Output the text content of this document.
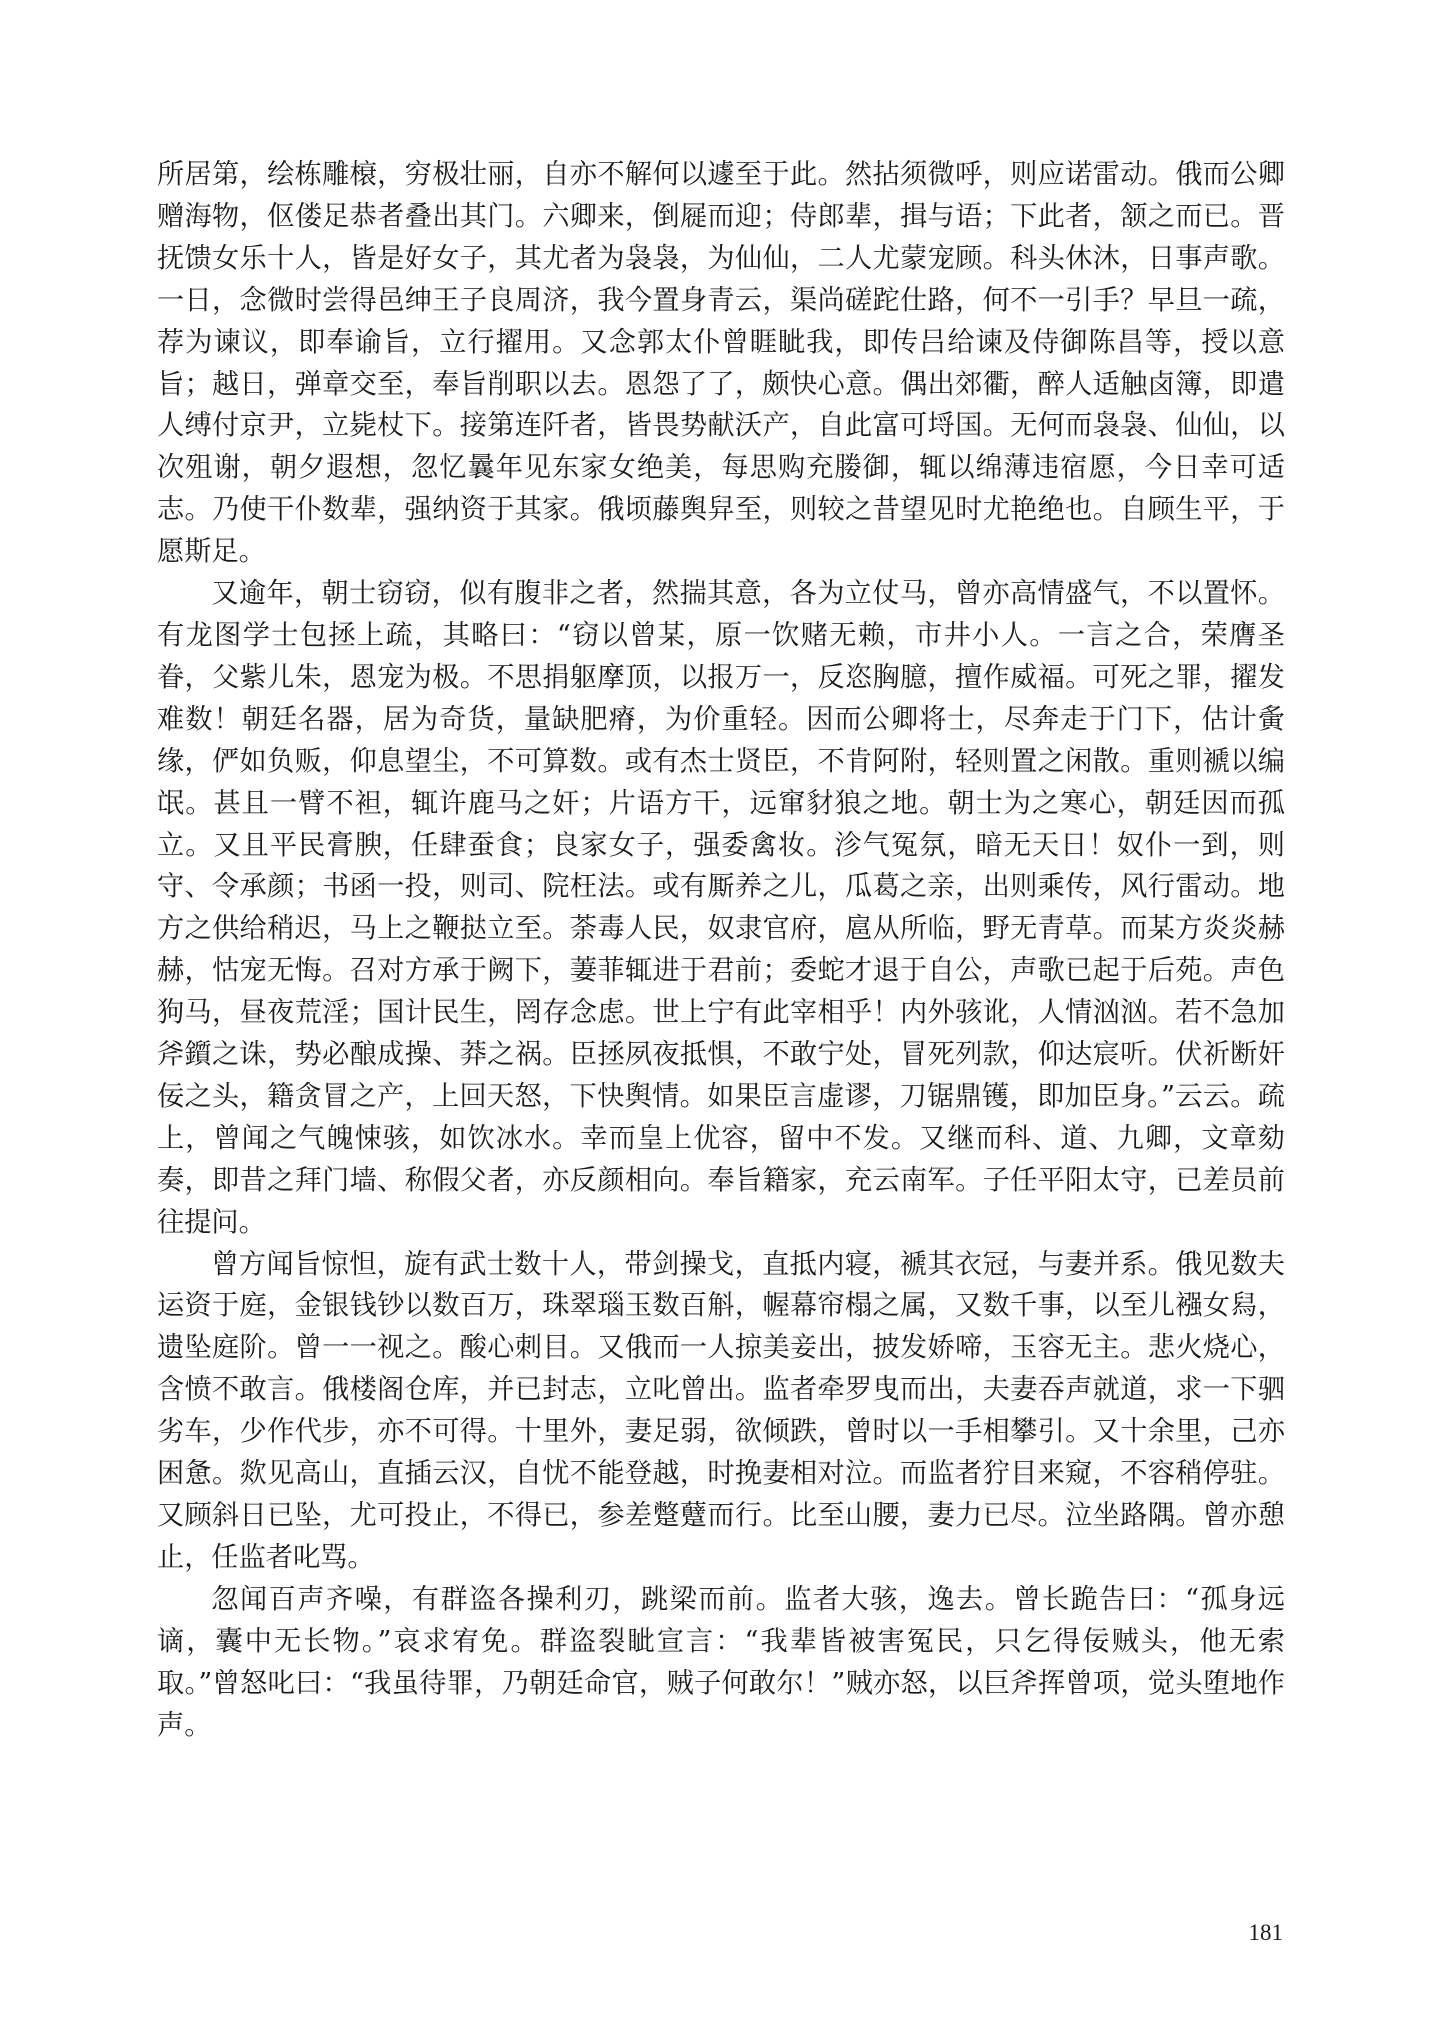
所居第，绘栋雕榱，穷极壮丽，自亦不解何以遽至于此。然拈须微呼，则应诺雷动。俄而公卿赠海物，伛偻足恭者叠出其门。六卿来，倒屣而迎；侍郎辈，揖与语；下此者，颔之而已。晋抚馈女乐十人，皆是好女子，其尤者为袅袅，为仙仙，二人尤蒙宠顾。科头休沐，日事声歌。一日，念微时尝得邑绅王子良周济，我今置身青云，渠尚磋跎仕路，何不一引手？早旦一疏，荐为谏议，即奉谕旨，立行擢用。又念郭太仆曾睚眦我，即传吕给谏及侍御陈昌等，授以意旨；越日，弹章交至，奉旨削职以去。恩怨了了，颇快心意。偶出郊衢，醉人适触卤簿，即遣人缚付京尹，立毙杖下。接第连阡者，皆畏势献沃产，自此富可埒国。无何而袅袅、仙仙，以次殂谢，朝夕遐想，忽忆曩年见东家女绝美，每思购充媵御，辄以绵薄违宿愿，今日幸可适志。乃使干仆数辈，强纳资于其家。俄顷藤舆舁至，则较之昔望见时尤艳绝也。自顾生平，于愿斯足。

又逾年，朝士窃窃，似有腹非之者，然揣其意，各为立仗马，曾亦高情盛气，不以置怀。有龙图学士包拯上疏，其略曰：“窃以曾某，原一饮赌无赖，市井小人。一言之合，荣膺圣眷，父紫儿朱，恩宠为极。不思捐躯摩顶，以报万一，反恣胸臆，擅作威福。可死之罪，擢发难数！朝廷名器，居为奇货，量缺肥瘠，为价重轻。因而公卿将士，尽奔走于门下，估计夤缘，俨如负贩，仰息望尘，不可算数。或有杰士贤臣，不肯阿附，轻则置之闲散。重则褫以编氓。甚且一臂不袒，辄许鹿马之奸；片语方干，远窜豺狼之地。朝士为之寒心，朝廷因而孤立。又且平民膏腴，任肆蚕食；良家女子，强委禽妆。沴气冤氛，暗无天日！奴仆一到，则守、令承颜；书函一投，则司、院枉法。或有厮养之儿，瓜葛之亲，出则乘传，风行雷动。地方之供给稍迟，马上之鞭挞立至。荼毒人民，奴隶官府，扈从所临，野无青草。而某方炎炎赫赫，怙宠无悔。召对方承于阙下，萋菲辄进于君前；委蛇才退于自公，声歌已起于后苑。声色狗马，昼夜荒淫；国计民生，罔存念虑。世上宁有此宰相乎！内外骇讹，人情汹汹。若不急加斧鑕之诛，势必酿成操、莽之祸。臣拯夙夜抵惧，不敢宁处，冒死列款，仰达宸听。伏祈断奸佞之头，籍贪冒之产，上回天怒，下快舆情。如果臣言虚谬，刀锯鼎镬，即加臣身。”云云。疏上，曾闻之气魄悚骇，如饮冰水。幸而皇上优容，留中不发。又继而科、道、九卿，文章劾奏，即昔之拜门墙、称假父者，亦反颜相向。奉旨籍家，充云南军。子任平阳太守，已差员前往提问。

曾方闻旨惊怛，旋有武士数十人，带剑操戈，直抵内寝，褫其衣冠，与妻并系。俄见数夫运资于庭，金银钱钞以数百万，珠翠瑙玉数百斛，幄幕帘榻之属，又数千事，以至儿襁女舄，遗坠庭阶。曾一一视之。酸心刺目。又俄而一人掠美妾出，披发娇啼，玉容无主。悲火烧心，含愤不敢言。俄楼阁仓库，并已封志，立叱曾出。监者牵罗曳而出，夫妻吞声就道，求一下驷劣车，少作代步，亦不可得。十里外，妻足弱，欲倾跌，曾时以一手相攀引。又十余里，己亦困惫。欻见高山，直插云汉，自忧不能登越，时挽妻相对泣。而监者狞目来窥，不容稍停驻。又顾斜日已坠，尤可投止，不得已，参差蹩躠而行。比至山腰，妻力已尽。泣坐路隅。曾亦憩止，任监者叱骂。

忽闻百声齐噪，有群盗各操利刃，跳梁而前。监者大骇，逸去。曾长跪告曰：“孤身远谪，囊中无长物。”哀求宥免。群盗裂眦宣言：“我辈皆被害冤民，只乞得佞贼头，他无索取。”曾怒叱曰：“我虽待罪，乃朝廷命官，贼子何敢尔！”贼亦怒，以巨斧挥曾项，觉头堕地作声。

181
